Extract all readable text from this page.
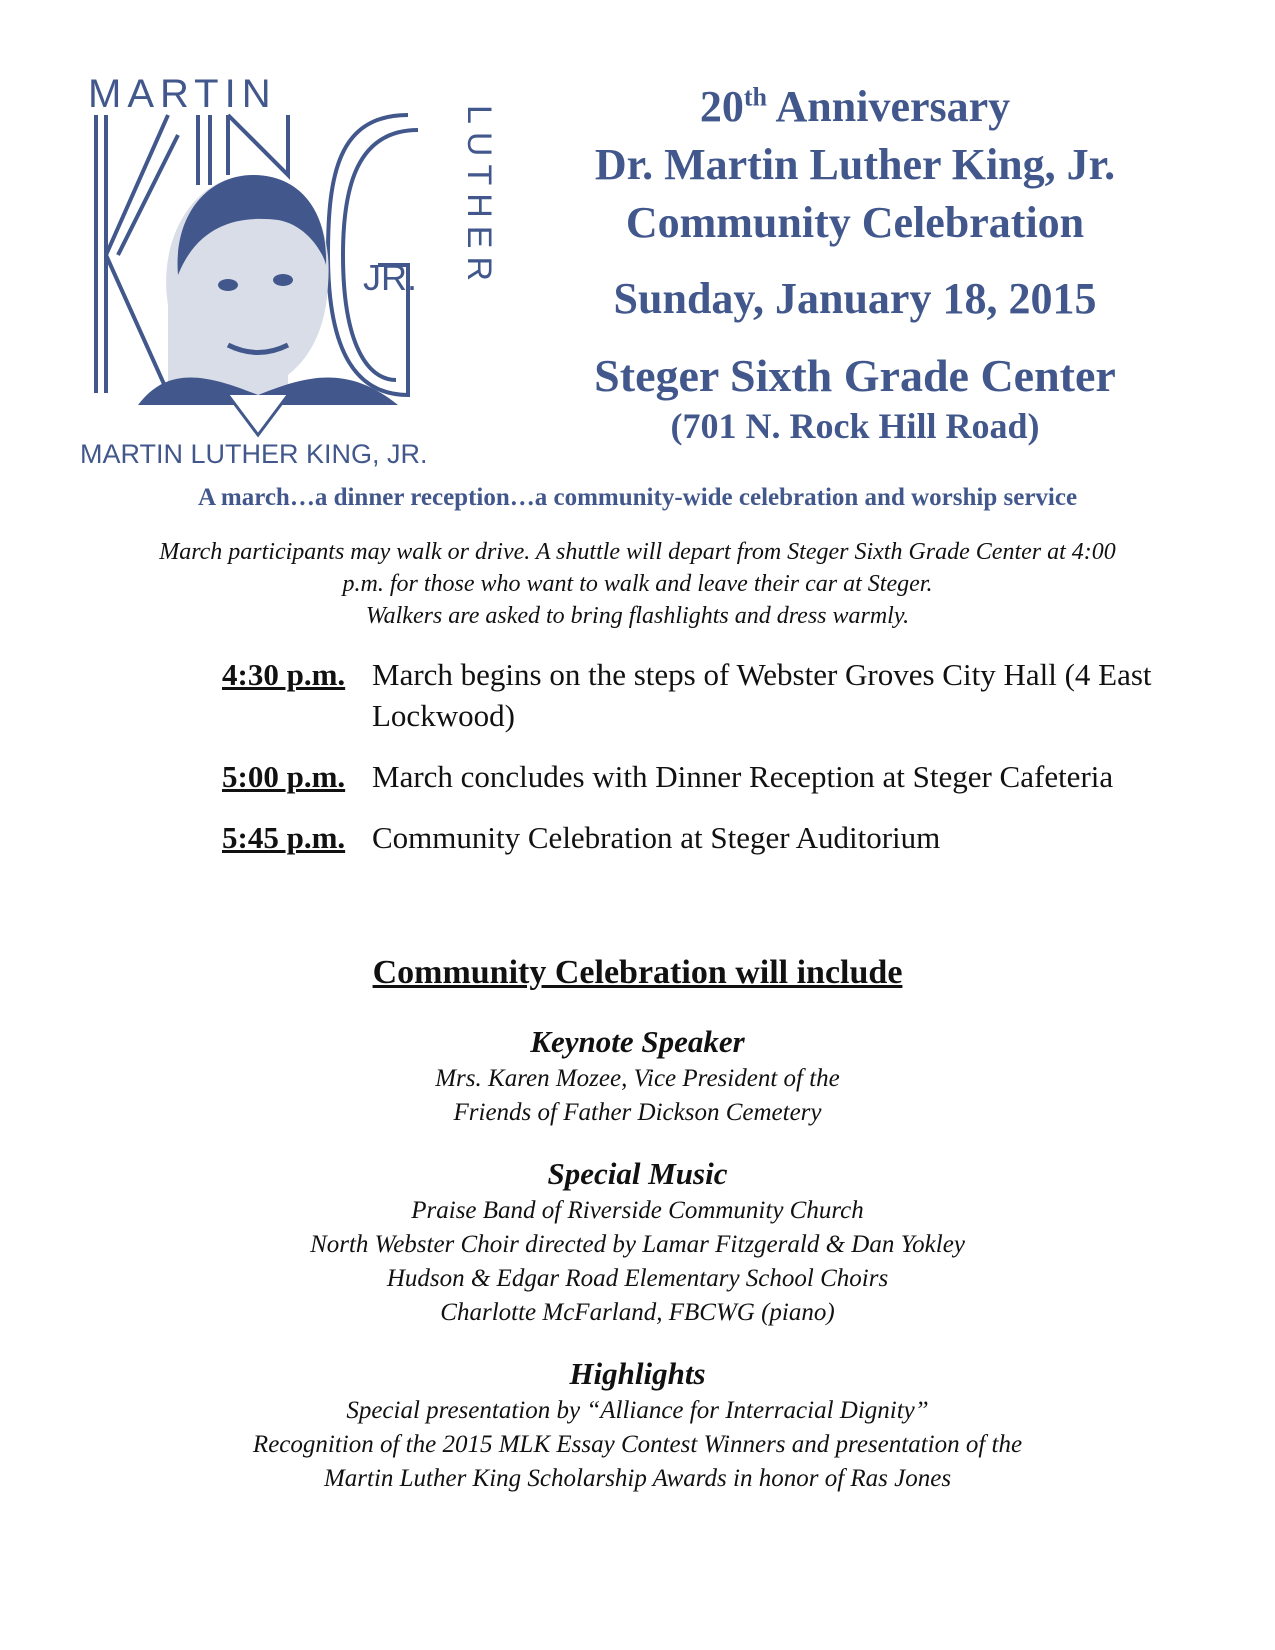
MARTIN
JR. LUTHER
MARTIN LUTHER KING, JR.
20th Anniversary
Dr. Martin Luther King, Jr.
Community Celebration
Sunday, January 18, 2015
Steger Sixth Grade Center
(701 N. Rock Hill Road)
A march…a dinner reception…a community-wide celebration and worship service
March participants may walk or drive. A shuttle will depart from Steger Sixth Grade Center at 4:00
p.m. for those who want to walk and leave their car at Steger.
Walkers are asked to bring flashlights and dress warmly.
4:30 p.m. March begins on the steps of Webster Groves City Hall (4 East Lockwood)
5:00 p.m. March concludes with Dinner Reception at Steger Cafeteria
5:45 p.m. Community Celebration at Steger Auditorium
Community Celebration will include
Keynote Speaker
Mrs. Karen Mozee, Vice President of the
Friends of Father Dickson Cemetery
Special Music
Praise Band of Riverside Community Church
North Webster Choir directed by Lamar Fitzgerald & Dan Yokley
Hudson & Edgar Road Elementary School Choirs
Charlotte McFarland, FBCWG (piano)
Highlights
Special presentation by “Alliance for Interracial Dignity”
Recognition of the 2015 MLK Essay Contest Winners and presentation of the
Martin Luther King Scholarship Awards in honor of Ras Jones
